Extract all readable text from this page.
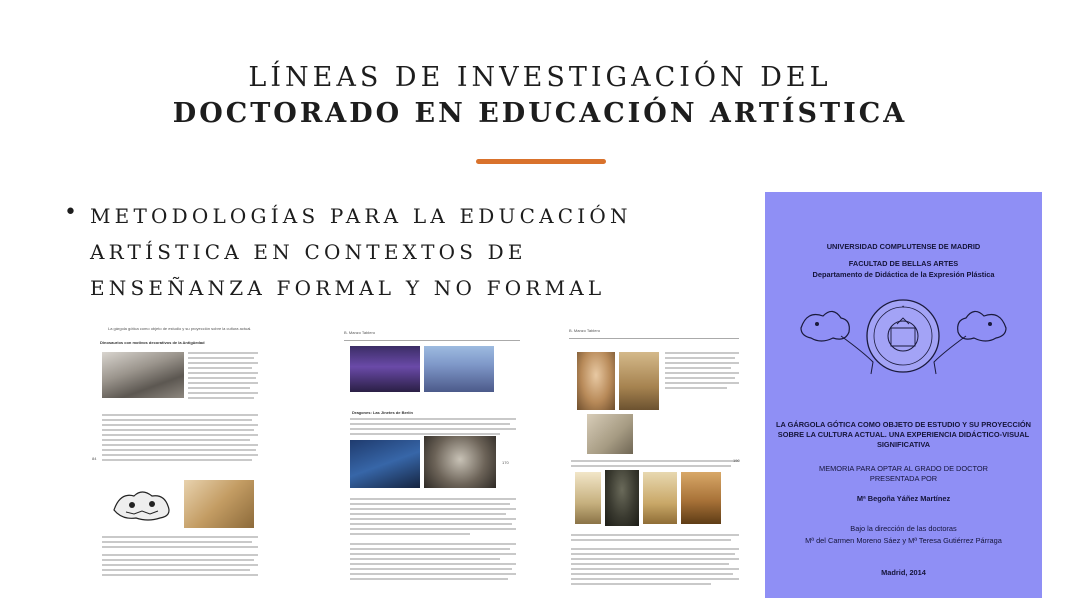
LÍNEAS DE INVESTIGACIÓN DEL
DOCTORADO EN EDUCACIÓN ARTÍSTICA
• METODOLOGÍAS PARA LA EDUCACIÓN
ARTÍSTICA EN CONTEXTOS DE
ENSEÑANZA FORMAL Y NO FORMAL
La gárgola gótica como objeto de estudio y su proyección sobre la cultura actual.
Dinosaurios con motivos decorativos de la Antigüedad
84
B. Manzo Tablero
Dragones: Las Jinetes de Berlín
170
B. Manzo Tablero
190
UNIVERSIDAD COMPLUTENSE DE MADRID
FACULTAD DE BELLAS ARTES
Departamento de Didáctica de la Expresión Plástica
✶
LA GÁRGOLA GÓTICA COMO OBJETO DE ESTUDIO Y SU PROYECCIÓN
SOBRE LA CULTURA ACTUAL. UNA EXPERIENCIA DIDÁCTICO-VISUAL
SIGNIFICATIVA
MEMORIA PARA OPTAR AL GRADO DE DOCTOR
PRESENTADA POR
Mª Begoña Yáñez Martínez
Bajo la dirección de las doctoras
Mª del Carmen Moreno Sáez y Mª Teresa Gutiérrez Párraga
Madrid, 2014
